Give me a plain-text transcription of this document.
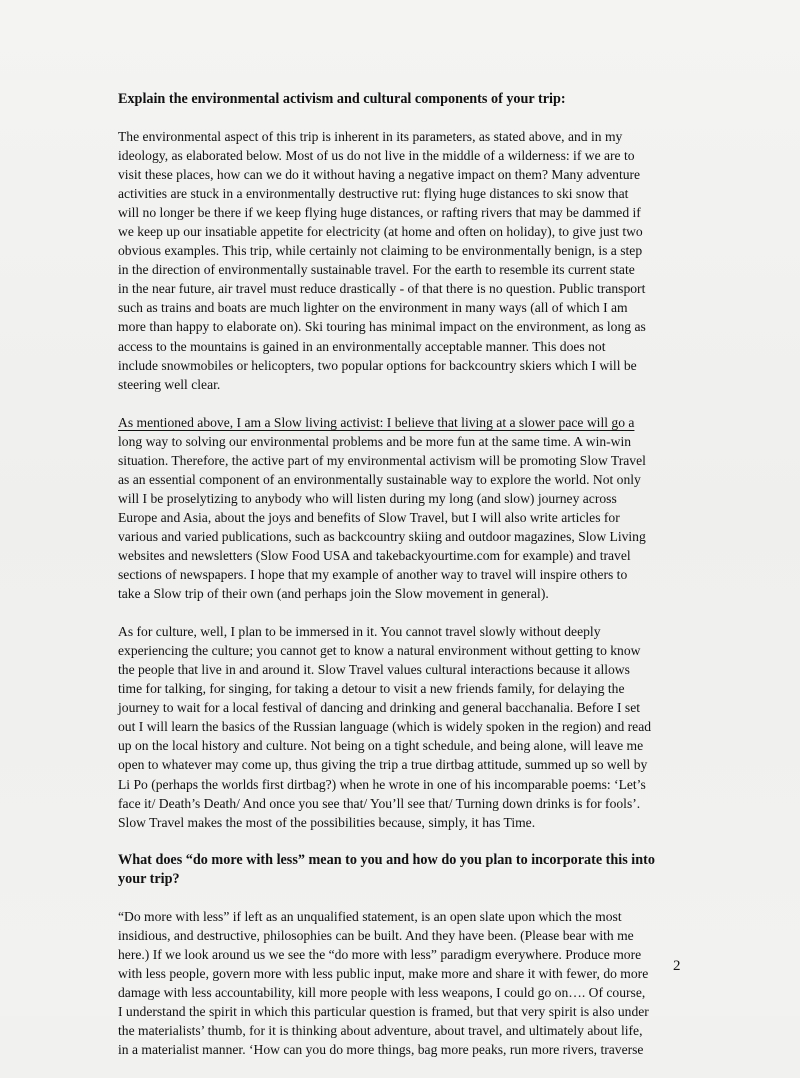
Explain the environmental activism and cultural components of your trip:
The environmental aspect of this trip is inherent in its parameters, as stated above, and in my
ideology, as elaborated below. Most of us do not live in the middle of a wilderness: if we are to
visit these places, how can we do it without having a negative impact on them? Many adventure
activities are stuck in a environmentally destructive rut: flying huge distances to ski snow that
will no longer be there if we keep flying huge distances, or rafting rivers that may be dammed if
we keep up our insatiable appetite for electricity (at home and often on holiday), to give just two
obvious examples. This trip, while certainly not claiming to be environmentally benign, is a step
in the direction of environmentally sustainable travel. For the earth to resemble its current state
in the near future, air travel must reduce drastically - of that there is no question. Public transport
such as trains and boats are much lighter on the environment in many ways (all of which I am
more than happy to elaborate on). Ski touring has minimal impact on the environment, as long as
access to the mountains is gained in an environmentally acceptable manner. This does not
include snowmobiles or helicopters, two popular options for backcountry skiers which I will be
steering well clear.
As mentioned above, I am a Slow living activist: I believe that living at a slower pace will go a
long way to solving our environmental problems and be more fun at the same time. A win-win
situation. Therefore, the active part of my environmental activism will be promoting Slow Travel
as an essential component of an environmentally sustainable way to explore the world. Not only
will I be proselytizing to anybody who will listen during my long (and slow) journey across
Europe and Asia, about the joys and benefits of Slow Travel, but I will also write articles for
various and varied publications, such as backcountry skiing and outdoor magazines, Slow Living
websites and newsletters (Slow Food USA and takebackyourtime.com for example) and travel
sections of newspapers. I hope that my example of another way to travel will inspire others to
take a Slow trip of their own (and perhaps join the Slow movement in general).
As for culture, well, I plan to be immersed in it. You cannot travel slowly without deeply
experiencing the culture; you cannot get to know a natural environment without getting to know
the people that live in and around it. Slow Travel values cultural interactions because it allows
time for talking, for singing, for taking a detour to visit a new friends family, for delaying the
journey to wait for a local festival of dancing and drinking and general bacchanalia. Before I set
out I will learn the basics of the Russian language (which is widely spoken in the region) and read
up on the local history and culture. Not being on a tight schedule, and being alone, will leave me
open to whatever may come up, thus giving the trip a true dirtbag attitude, summed up so well by
Li Po (perhaps the worlds first dirtbag?) when he wrote in one of his incomparable poems: ‘Let’s
face it/ Death’s Death/ And once you see that/ You’ll see that/ Turning down drinks is for fools’.
Slow Travel makes the most of the possibilities because, simply, it has Time.
What does “do more with less” mean to you and how do you plan to incorporate this into
your trip?
“Do more with less” if left as an unqualified statement, is an open slate upon which the most
insidious, and destructive, philosophies can be built. And they have been. (Please bear with me
here.) If we look around us we see the “do more with less” paradigm everywhere. Produce more
with less people, govern more with less public input, make more and share it with fewer, do more
damage with less accountability, kill more people with less weapons, I could go on…. Of course,
I understand the spirit in which this particular question is framed, but that very spirit is also under
the materialists’ thumb, for it is thinking about adventure, about travel, and ultimately about life,
in a materialist manner. ‘How can you do more things, bag more peaks, run more rivers, traverse
2
